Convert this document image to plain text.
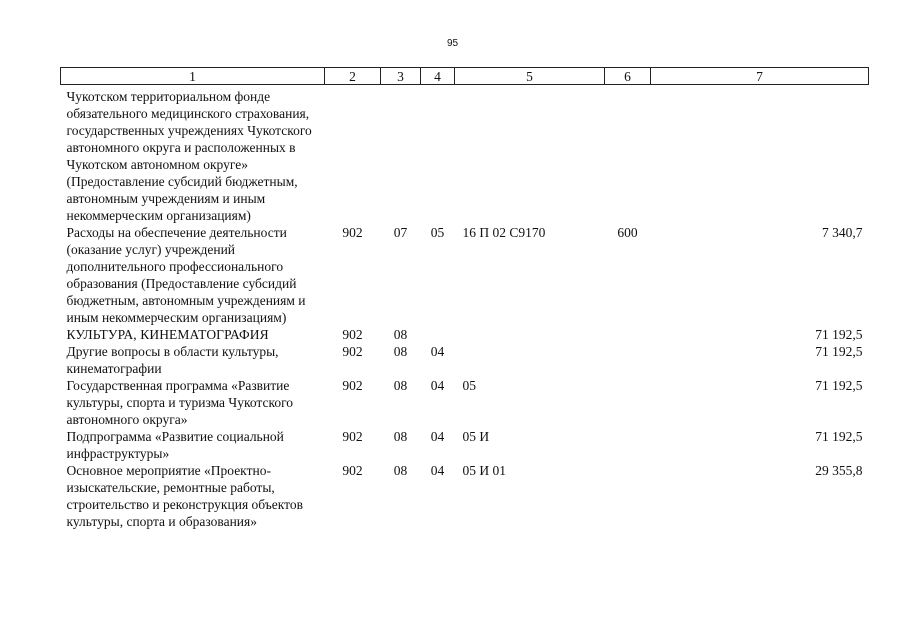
95
1	2	3	4	5	6	7
Чукотском территориальном фонде обязательного медицинского страхования, государственных учреждениях Чукотского автономного округа и расположенных в Чукотском автономном округе» (Предоставление субсидий бюджетным, автономным учреждениям и иным некоммерческим организациям)						
Расходы на обеспечение деятельности (оказание услуг) учреждений дополнительного профессионального образования (Предоставление субсидий бюджетным, автономным учреждениям и иным некоммерческим организациям)	902	07	05	16 П 02 С9170	600	7 340,7
КУЛЬТУРА, КИНЕМАТОГРАФИЯ	902	08				71 192,5
Другие вопросы в области культуры, кинематографии	902	08	04			71 192,5
Государственная программа «Развитие культуры, спорта и туризма Чукотского автономного округа»	902	08	04	05		71 192,5
Подпрограмма «Развитие социальной инфраструктуры»	902	08	04	05 И		71 192,5
Основное мероприятие «Проектно-изыскательские, ремонтные работы, строительство и реконструкция объектов культуры, спорта и образования»	902	08	04	05 И 01		29 355,8
